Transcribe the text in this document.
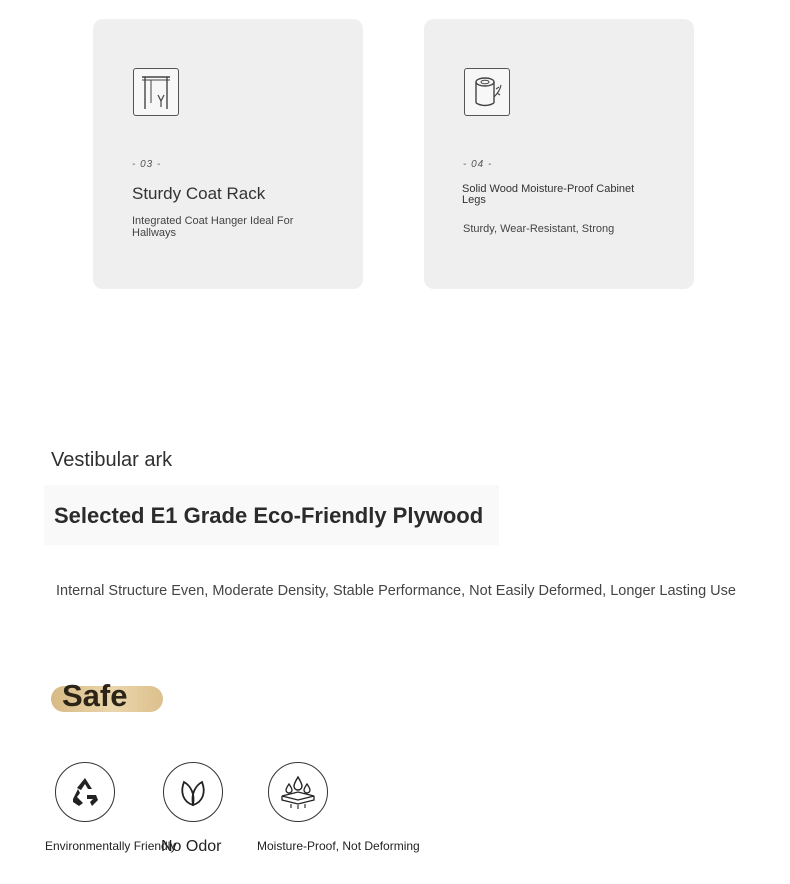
- 03 -
Sturdy Coat Rack
Integrated Coat Hanger Ideal For Hallways
- 04 -
Solid Wood Moisture-Proof Cabinet Legs
Sturdy, Wear-Resistant, Strong
Vestibular ark
Selected E1 Grade Eco-Friendly Plywood
Internal Structure Even, Moderate Density, Stable Performance, Not Easily Deformed, Longer Lasting Use
Safe
Environmentally Friendly
No Odor	Moisture-Proof, Not Deforming
